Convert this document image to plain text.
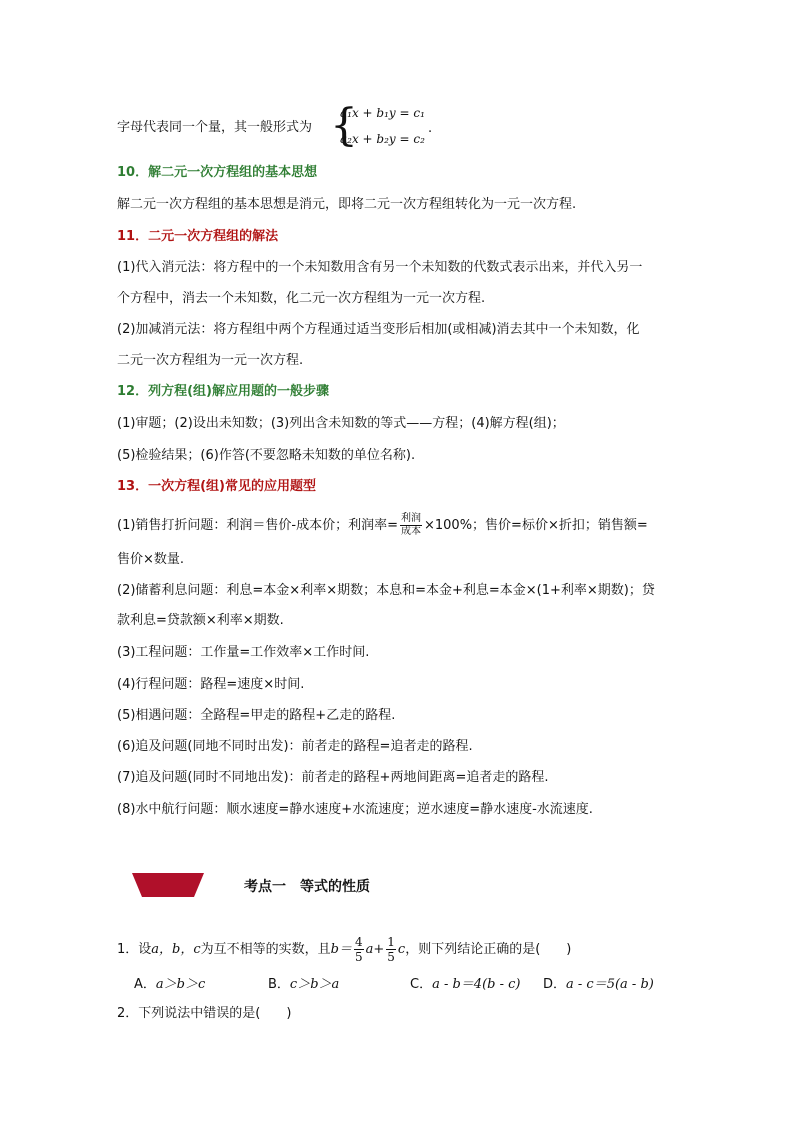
字母代表同一个量，其一般形式为 {
a₁x + b₁y = c₁
a₂x + b₂y = c₂
.
10．解二元一次方程组的基本思想
解二元一次方程组的基本思想是消元，即将二元一次方程组转化为一元一次方程.
11．二元一次方程组的解法
(1)代入消元法：将方程中的一个未知数用含有另一个未知数的代数式表示出来，并代入另一
个方程中，消去一个未知数，化二元一次方程组为一元一次方程.
(2)加减消元法：将方程组中两个方程通过适当变形后相加(或相减)消去其中一个未知数，化
二元一次方程组为一元一次方程.
12．列方程(组)解应用题的一般步骤
(1)审题；(2)设出未知数；(3)列出含未知数的等式——方程；(4)解方程(组)；
(5)检验结果；(6)作答(不要忽略未知数的单位名称).
13．一次方程(组)常见的应用题型
(1)销售打折问题：利润＝售价-成本价；利润率= $\frac{\text{利润}}{\text{成本}} \times 100\%$；售价=标价×折扣；销售额=
售价×数量.
(2)储蓄利息问题：利息=本金×利率×期数；本息和=本金+利息=本金×(1+利率×期数)；贷
款利息=贷款额×利率×期数.
(3)工程问题：工作量=工作效率×工作时间.
(4)行程问题：路程=速度×时间.
(5)相遇问题：全路程=甲走的路程+乙走的路程.
(6)追及问题(同地不同时出发)：前者走的路程=追者走的路程.
(7)追及问题(同时不同地出发)：前者走的路程+两地间距离=追者走的路程.
(8)水中航行问题：顺水速度=静水速度+水流速度；逆水速度=静水速度-水流速度.
考点一　等式的性质
1．设a，b，c为互不相等的实数，且$b= \frac{4}{5} a+ \frac{1}{5}$ c，则下列结论正确的是(　　)
A．a＞b＞c	B．c＞b＞a	C．a - b＝4(b - c) D．a - c＝5(a - b)
2．下列说法中错误的是(　　)
